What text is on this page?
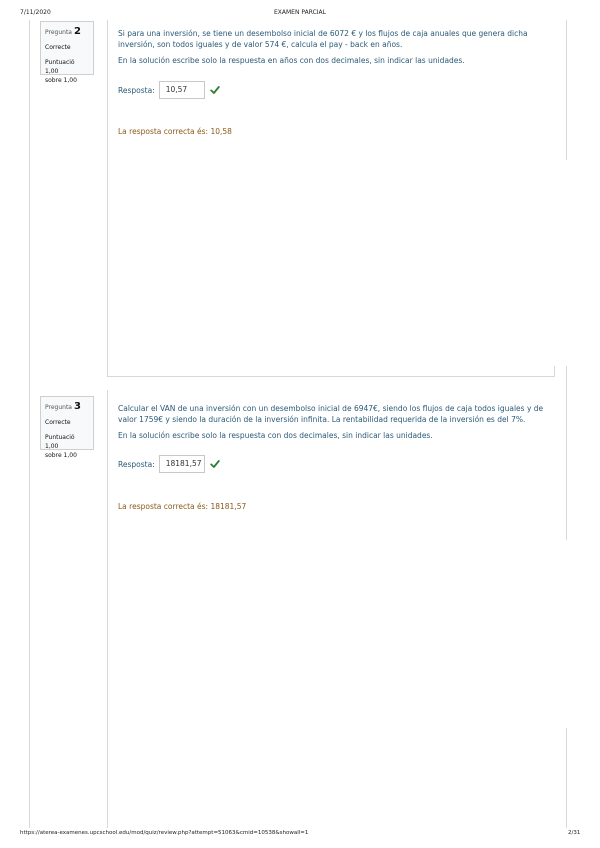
7/11/2020	EXAMEN PARCIAL
Pregunta 2
Correcte
Puntuació 1,00
sobre 1,00

Si para una inversión, se tiene un desembolso inicial de 6072 € y los flujos de caja anuales que genera dicha inversión, son todos iguales y de valor 574 €, calcula el pay - back en años.

En la solución escribe solo la respuesta en años con dos decimales, sin indicar las unidades.

Resposta:	10,57
La resposta correcta és: 10,58
Pregunta 3
Correcte
Puntuació 1,00
sobre 1,00

Calcular el VAN de una inversión con un desembolso inicial de 6947€, siendo los flujos de caja todos iguales y de valor 1759€ y siendo la duración de la inversión infinita. La rentabilidad requerida de la inversión es del 7%.

En la solución escribe solo la respuesta con dos decimales, sin indicar las unidades.

Resposta:	18181,57
La resposta correcta és: 18181,57
https://aterea-examenes.upcschool.edu/mod/quiz/review.php?attempt=51063&cmid=10538&showall=1	2/31
